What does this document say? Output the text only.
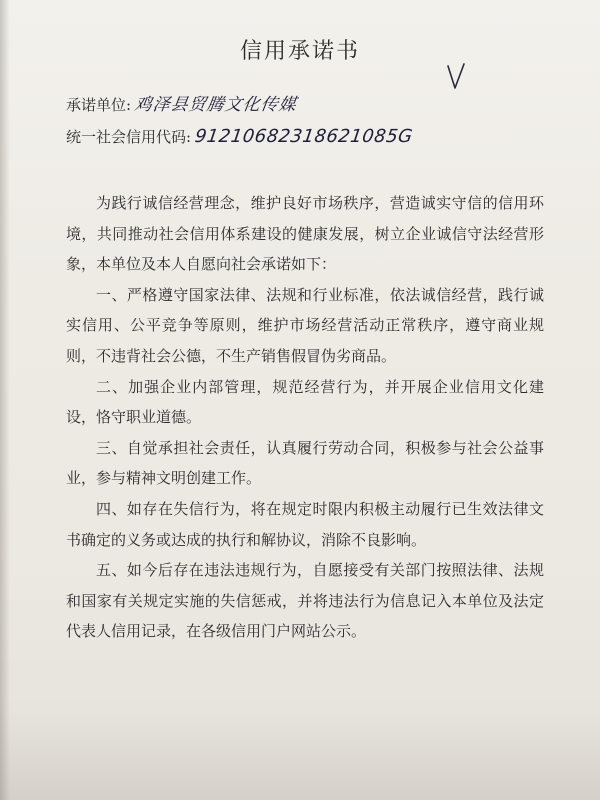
信用承诺书
承诺单位: 鸡泽县贸腾文化传媒
统一社会信用代码: 91210682318621085G

为践行诚信经营理念，维护良好市场秩序，营造诚实守信的信用环境，共同推动社会信用体系建设的健康发展，树立企业诚信守法经营形象，本单位及本人自愿向社会承诺如下：

一、严格遵守国家法律、法规和行业标准，依法诚信经营，践行诚实信用、公平竞争等原则，维护市场经营活动正常秩序，遵守商业规则，不违背社会公德，不生产销售假冒伪劣商品。

二、加强企业内部管理，规范经营行为，并开展企业信用文化建设，恪守职业道德。

三、自觉承担社会责任，认真履行劳动合同，积极参与社会公益事业，参与精神文明创建工作。

四、如存在失信行为，将在规定时限内积极主动履行已生效法律文书确定的义务或达成的执行和解协议，消除不良影响。

五、如今后存在违法违规行为，自愿接受有关部门按照法律、法规和国家有关规定实施的失信惩戒，并将违法行为信息记入本单位及法定代表人信用记录，在各级信用门户网站公示。
